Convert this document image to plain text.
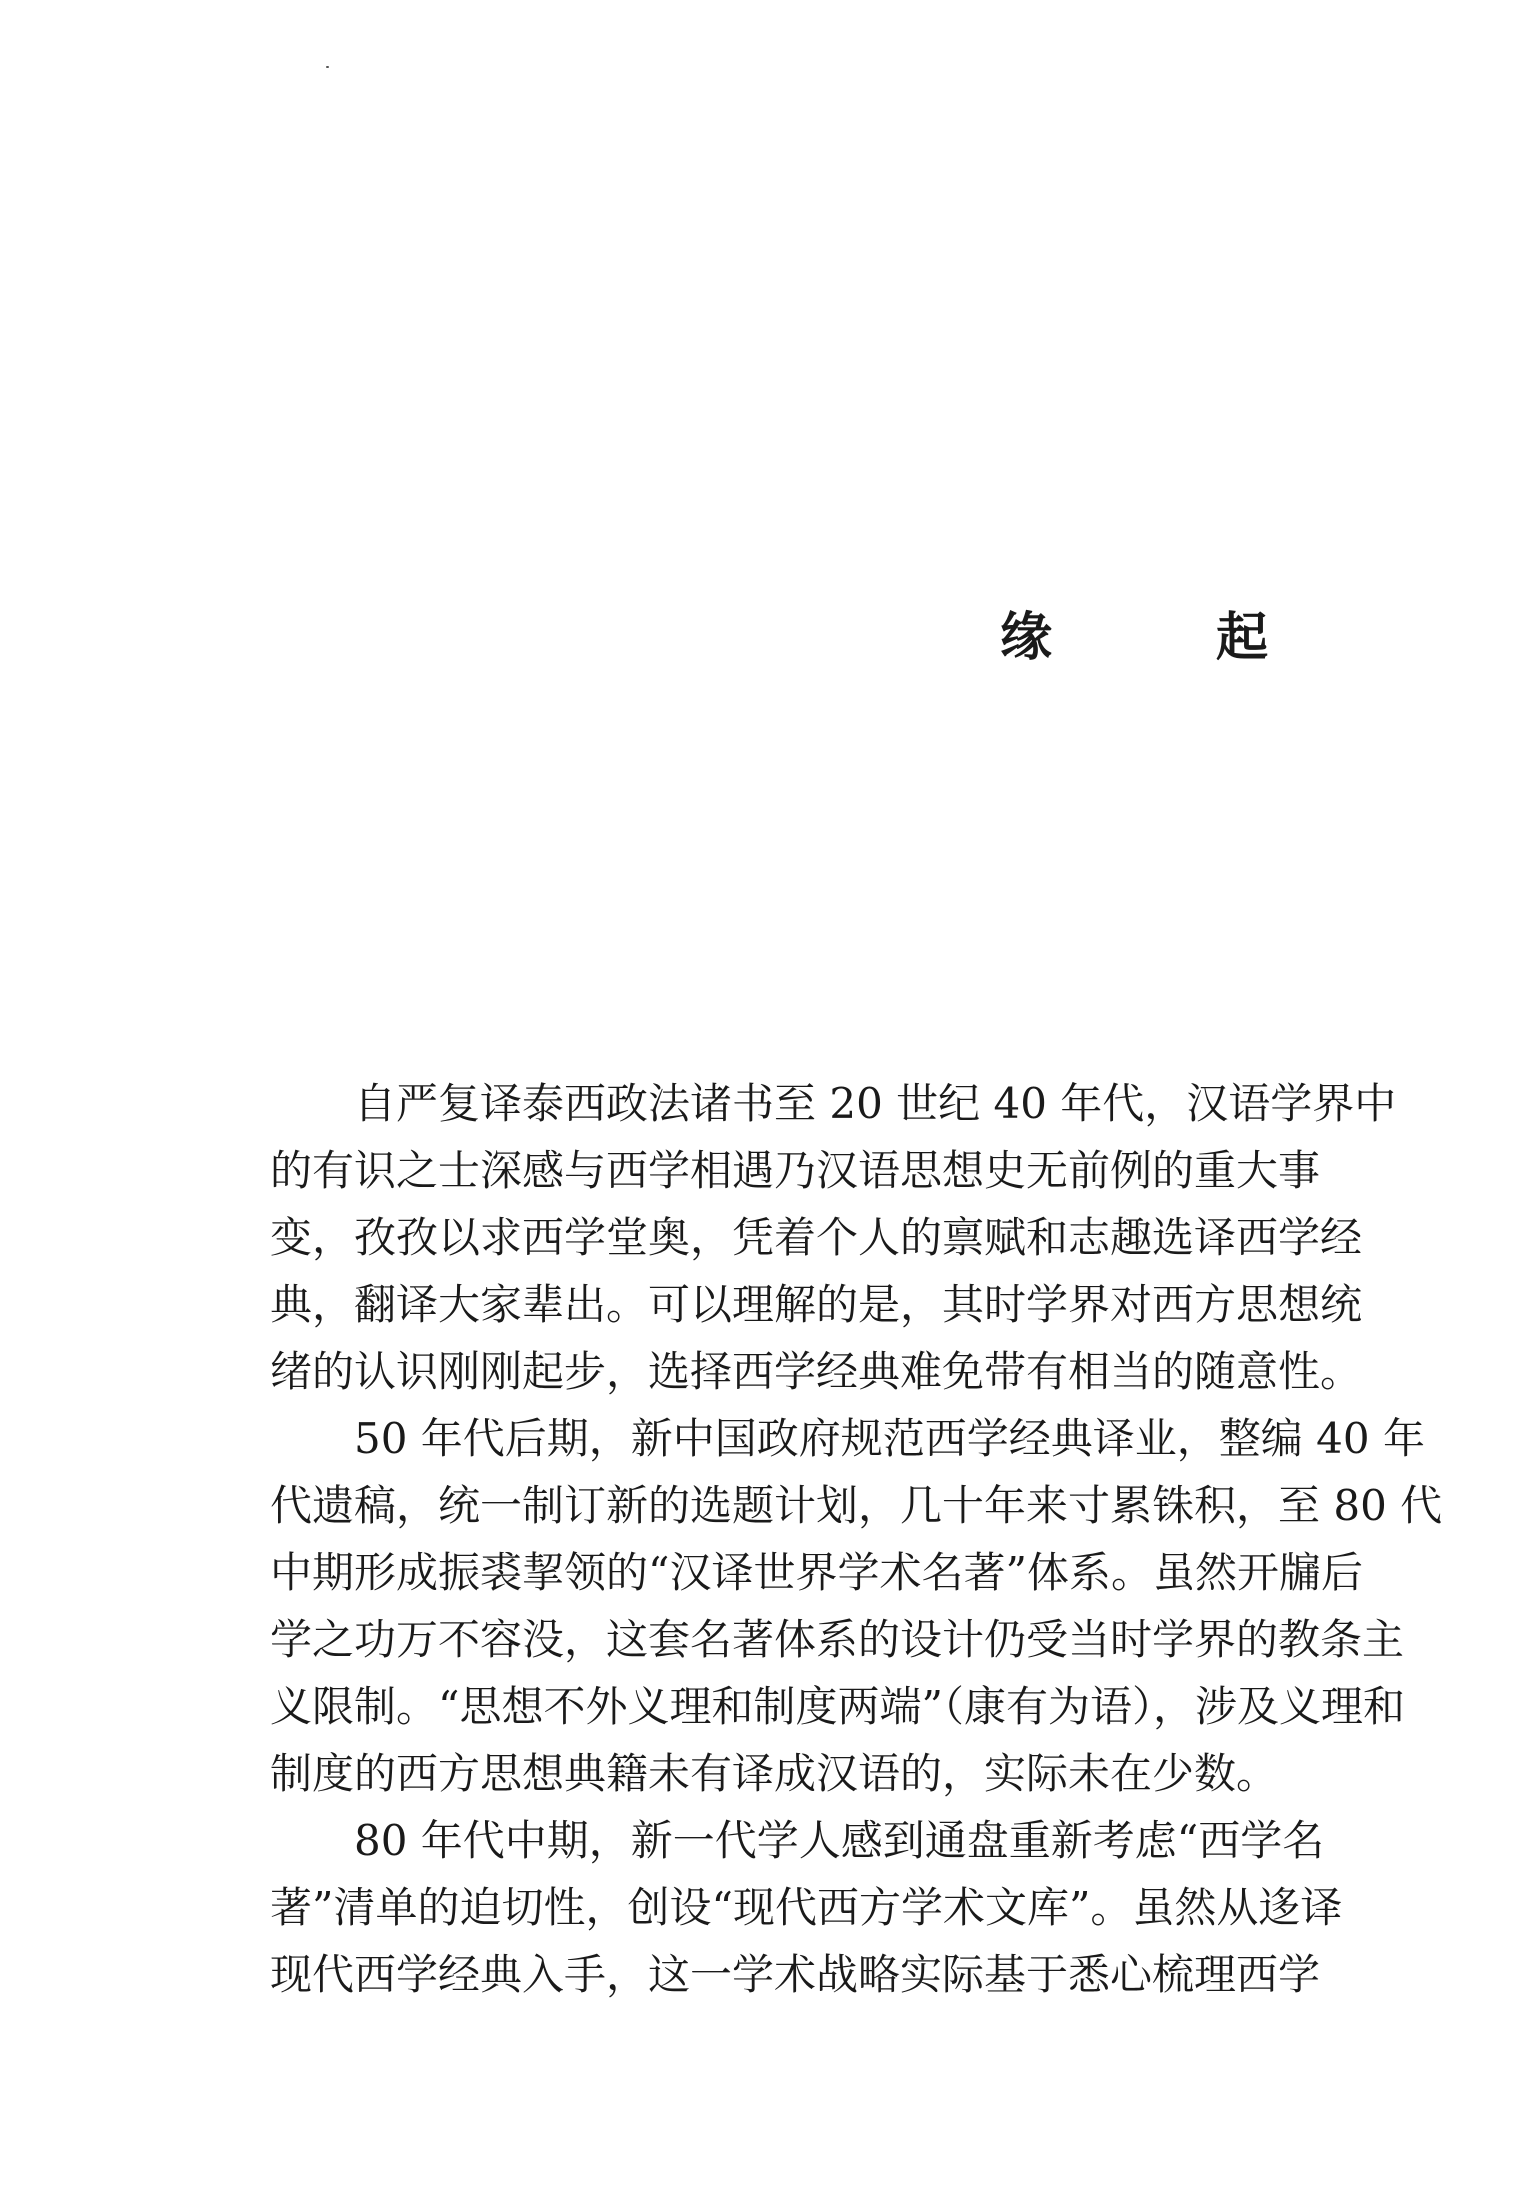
缘　起
自严复译泰西政法诸书至 20 世纪 40 年代，汉语学界中
的有识之士深感与西学相遇乃汉语思想史无前例的重大事
变，孜孜以求西学堂奥，凭着个人的禀赋和志趣选译西学经
典，翻译大家辈出。可以理解的是，其时学界对西方思想统
绪的认识刚刚起步，选择西学经典难免带有相当的随意性。
50 年代后期，新中国政府规范西学经典译业，整编 40 年
代遗稿，统一制订新的选题计划，几十年来寸累铢积，至 80 代
中期形成振裘挈领的“汉译世界学术名著”体系。虽然开牖后
学之功万不容没，这套名著体系的设计仍受当时学界的教条主
义限制。“思想不外义理和制度两端”（康有为语），涉及义理和
制度的西方思想典籍未有译成汉语的，实际未在少数。
80 年代中期，新一代学人感到通盘重新考虑“西学名
著”清单的迫切性，创设“现代西方学术文库”。虽然从迻译
现代西学经典入手，这一学术战略实际基于悉心梳理西学
